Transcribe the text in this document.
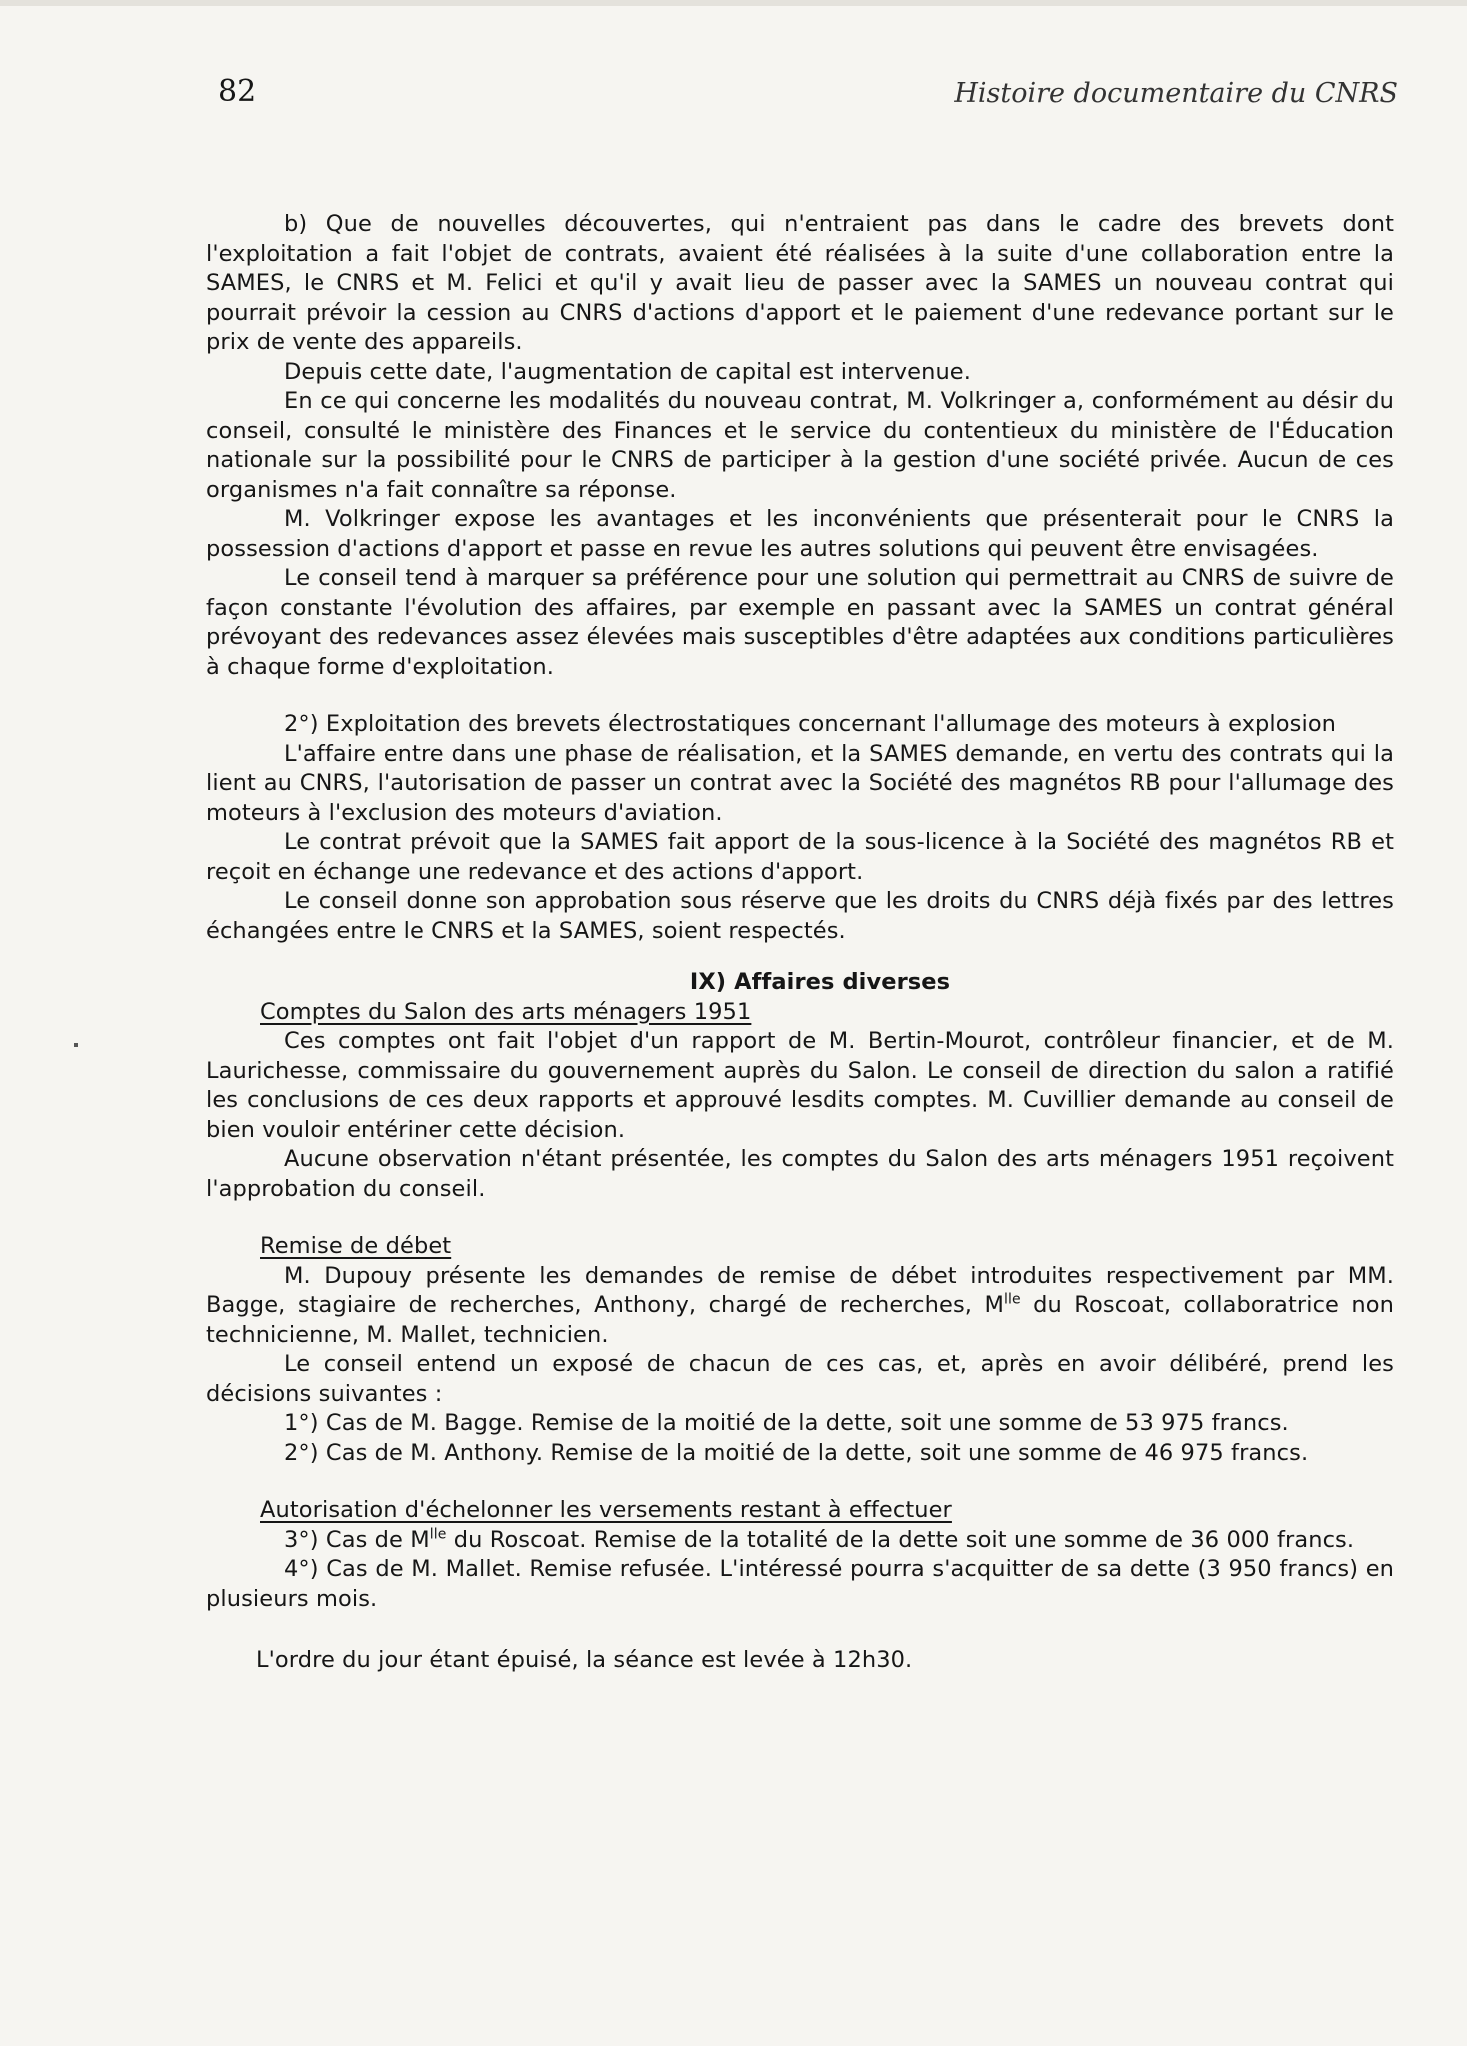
82	Histoire documentaire du CNRS

b) Que de nouvelles découvertes, qui n'entraient pas dans le cadre des brevets dont l'exploitation a fait l'objet de contrats, avaient été réalisées à la suite d'une collaboration entre la SAMES, le CNRS et M. Felici et qu'il y avait lieu de passer avec la SAMES un nouveau contrat qui pourrait prévoir la cession au CNRS d'actions d'apport et le paiement d'une redevance portant sur le prix de vente des appareils.

Depuis cette date, l'augmentation de capital est intervenue.

En ce qui concerne les modalités du nouveau contrat, M. Volkringer a, conformément au désir du conseil, consulté le ministère des Finances et le service du contentieux du ministère de l'Éducation nationale sur la possibilité pour le CNRS de participer à la gestion d'une société privée. Aucun de ces organismes n'a fait connaître sa réponse.

M. Volkringer expose les avantages et les inconvénients que présenterait pour le CNRS la possession d'actions d'apport et passe en revue les autres solutions qui peuvent être envisagées.

Le conseil tend à marquer sa préférence pour une solution qui permettrait au CNRS de suivre de façon constante l'évolution des affaires, par exemple en passant avec la SAMES un contrat général prévoyant des redevances assez élevées mais susceptibles d'être adaptées aux conditions particulières à chaque forme d'exploitation.

2°) Exploitation des brevets électrostatiques concernant l'allumage des moteurs à explosion

L'affaire entre dans une phase de réalisation, et la SAMES demande, en vertu des contrats qui la lient au CNRS, l'autorisation de passer un contrat avec la Société des magnétos RB pour l'allumage des moteurs à l'exclusion des moteurs d'aviation.

Le contrat prévoit que la SAMES fait apport de la sous-licence à la Société des magnétos RB et reçoit en échange une redevance et des actions d'apport.

Le conseil donne son approbation sous réserve que les droits du CNRS déjà fixés par des lettres échangées entre le CNRS et la SAMES, soient respectés.

IX) Affaires diverses

Comptes du Salon des arts ménagers 1951

Ces comptes ont fait l'objet d'un rapport de M. Bertin-Mourot, contrôleur financier, et de M. Laurichesse, commissaire du gouvernement auprès du Salon. Le conseil de direction du salon a ratifié les conclusions de ces deux rapports et approuvé lesdits comptes. M. Cuvillier demande au conseil de bien vouloir entériner cette décision.

Aucune observation n'étant présentée, les comptes du Salon des arts ménagers 1951 reçoivent l'approbation du conseil.

Remise de débet

M. Dupouy présente les demandes de remise de débet introduites respectivement par MM. Bagge, stagiaire de recherches, Anthony, chargé de recherches, $M^{lle}$ du Roscoat, collaboratrice non technicienne, M. Mallet, technicien.

Le conseil entend un exposé de chacun de ces cas, et, après en avoir délibéré, prend les décisions suivantes :

1°) Cas de M. Bagge. Remise de la moitié de la dette, soit une somme de 53 975 francs.

2°) Cas de M. Anthony. Remise de la moitié de la dette, soit une somme de 46 975 francs.

Autorisation d'échelonner les versements restant à effectuer

3°) Cas de $M^{lle}$ du Roscoat. Remise de la totalité de la dette soit une somme de 36 000 francs.

4°) Cas de M. Mallet. Remise refusée. L'intéressé pourra s'acquitter de sa dette (3 950 francs) en plusieurs mois.

L'ordre du jour étant épuisé, la séance est levée à 12h30.
